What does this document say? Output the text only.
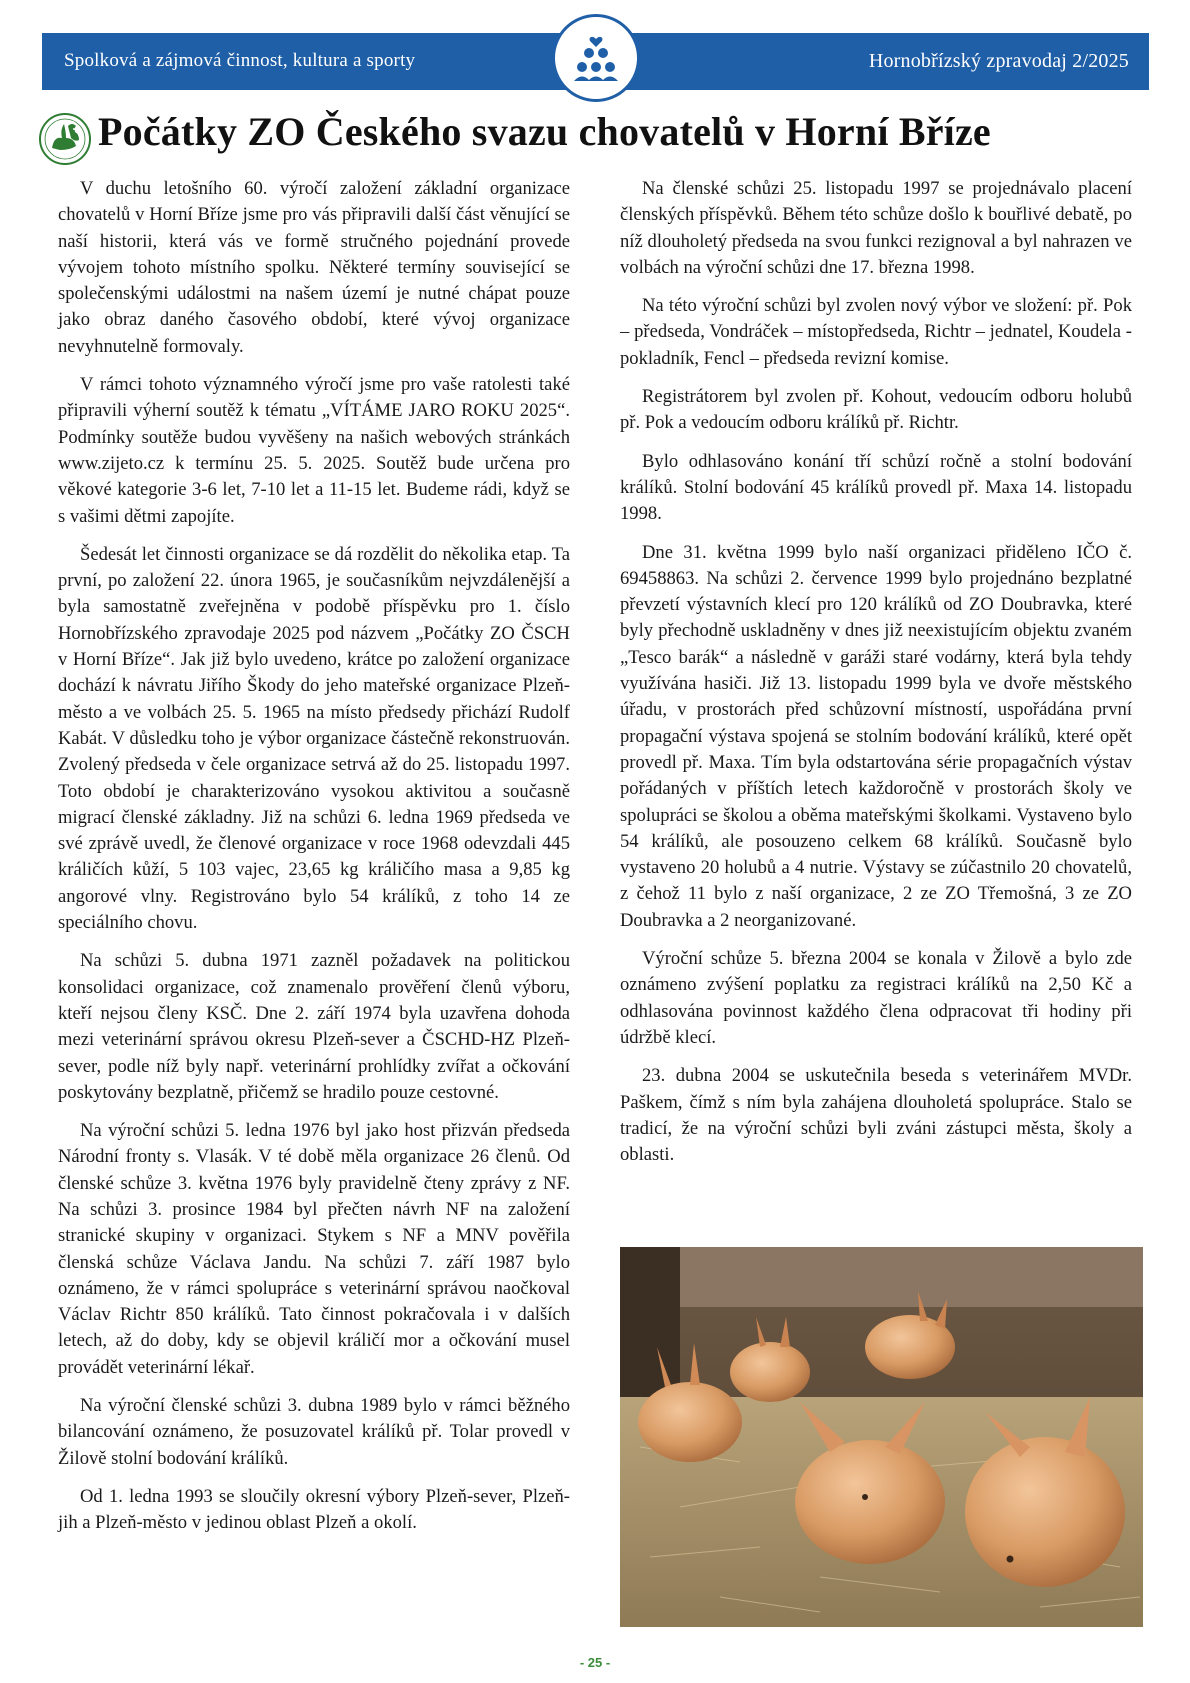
Spolková a zájmová činnost, kultura a sporty	Hornobřízský zpravodaj 2/2025
Počátky ZO Českého svazu chovatelů v Horní Bříze

V duchu letošního 60. výročí založení základní organizace chovatelů v Horní Bříze jsme pro vás připravili další část věnující se naší historii, která vás ve formě stručného pojednání provede vývojem tohoto místního spolku. Některé termíny související se společenskými událostmi na našem území je nutné chápat pouze jako obraz daného časového období, které vývoj organizace nevyhnutelně formovaly.

V rámci tohoto významného výročí jsme pro vaše ratolesti také připravili výherní soutěž k tématu „VÍTÁME JARO ROKU 2025“. Podmínky soutěže budou vyvěšeny na našich webových stránkách www.zijeto.cz k termínu 25. 5. 2025. Soutěž bude určena pro věkové kategorie 3-6 let, 7-10 let a 11-15 let. Budeme rádi, když se s vašimi dětmi zapojíte.

Šedesát let činnosti organizace se dá rozdělit do několika etap. Ta první, po založení 22. února 1965, je současníkům nejvzdálenější a byla samostatně zveřejněna v podobě příspěvku pro 1. číslo Hornobřízského zpravodaje 2025 pod názvem „Počátky ZO ČSCH v Horní Bříze“. Jak již bylo uvedeno, krátce po založení organizace dochází k návratu Jiřího Škody do jeho mateřské organizace Plzeň-město a ve volbách 25. 5. 1965 na místo předsedy přichází Rudolf Kabát. V důsledku toho je výbor organizace částečně rekonstruován. Zvolený předseda v čele organizace setrvá až do 25. listopadu 1997. Toto období je charakterizováno vysokou aktivitou a současně migrací členské základny. Již na schůzi 6. ledna 1969 předseda ve své zprávě uvedl, že členové organizace v roce 1968 odevzdali 445 králičích kůží, 5 103 vajec, 23,65 kg králičího masa a 9,85 kg angorové vlny. Registrováno bylo 54 králíků, z toho 14 ze speciálního chovu.

Na schůzi 5. dubna 1971 zazněl požadavek na politickou konsolidaci organizace, což znamenalo prověření členů výboru, kteří nejsou členy KSČ. Dne 2. září 1974 byla uzavřena dohoda mezi veterinární správou okresu Plzeň-sever a ČSCHD-HZ Plzeň-sever, podle níž byly např. veterinární prohlídky zvířat a očkování poskytovány bezplatně, přičemž se hradilo pouze cestovné.

Na výroční schůzi 5. ledna 1976 byl jako host přizván předseda Národní fronty s. Vlasák. V té době měla organizace 26 členů. Od členské schůze 3. května 1976 byly pravidelně čteny zprávy z NF. Na schůzi 3. prosince 1984 byl přečten návrh NF na založení stranické skupiny v organizaci. Stykem s NF a MNV pověřila členská schůze Václava Jandu. Na schůzi 7. září 1987 bylo oznámeno, že v rámci spolupráce s veterinární správou naočkoval Václav Richtr 850 králíků. Tato činnost pokračovala i v dalších letech, až do doby, kdy se objevil králičí mor a očkování musel provádět veterinární lékař.

Na výroční členské schůzi 3. dubna 1989 bylo v rámci běžného bilancování oznámeno, že posuzovatel králíků př. Tolar provedl v Žilově stolní bodování králíků.

Od 1. ledna 1993 se sloučily okresní výbory Plzeň-sever, Plzeň-jih a Plzeň-město v jedinou oblast Plzeň a okolí.

Na členské schůzi 25. listopadu 1997 se projednávalo placení členských příspěvků. Během této schůze došlo k bouřlivé debatě, po níž dlouholetý předseda na svou funkci rezignoval a byl nahrazen ve volbách na výroční schůzi dne 17. března 1998.

Na této výroční schůzi byl zvolen nový výbor ve složení: př. Pok – předseda, Vondráček – místopředseda, Richtr – jednatel, Koudela - pokladník, Fencl – předseda revizní komise.

Registrátorem byl zvolen př. Kohout, vedoucím odboru holubů př. Pok a vedoucím odboru králíků př. Richtr.

Bylo odhlasováno konání tří schůzí ročně a stolní bodování králíků. Stolní bodování 45 králíků provedl př. Maxa 14. listopadu 1998.

Dne 31. května 1999 bylo naší organizaci přiděleno IČO č. 69458863. Na schůzi 2. července 1999 bylo projednáno bezplatné převzetí výstavních klecí pro 120 králíků od ZO Doubravka, které byly přechodně uskladněny v dnes již neexistujícím objektu zvaném „Tesco barák“ a následně v garáži staré vodárny, která byla tehdy využívána hasiči. Již 13. listopadu 1999 byla ve dvoře městského úřadu, v prostorách před schůzovní místností, uspořádána první propagační výstava spojená se stolním bodování králíků, které opět provedl př. Maxa. Tím byla odstartována série propagačních výstav pořádaných v příštích letech každoročně v prostorách školy ve spolupráci se školou a oběma mateřskými školkami. Vystaveno bylo 54 králíků, ale posouzeno celkem 68 králíků. Současně bylo vystaveno 20 holubů a 4 nutrie. Výstavy se zúčastnilo 20 chovatelů, z čehož 11 bylo z naší organizace, 2 ze ZO Třemošná, 3 ze ZO Doubravka a 2 neorganizované.

Výroční schůze 5. března 2004 se konala v Žilově a bylo zde oznámeno zvýšení poplatku za registraci králíků na 2,50 Kč a odhlasována povinnost každého člena odpracovat tři hodiny při údržbě klecí.

23. dubna 2004 se uskutečnila beseda s veterinářem MVDr. Paškem, čímž s ním byla zahájena dlouholetá spolupráce. Stalo se tradicí, že na výroční schůzi byli zváni zástupci města, školy a oblasti.

- 25 -
